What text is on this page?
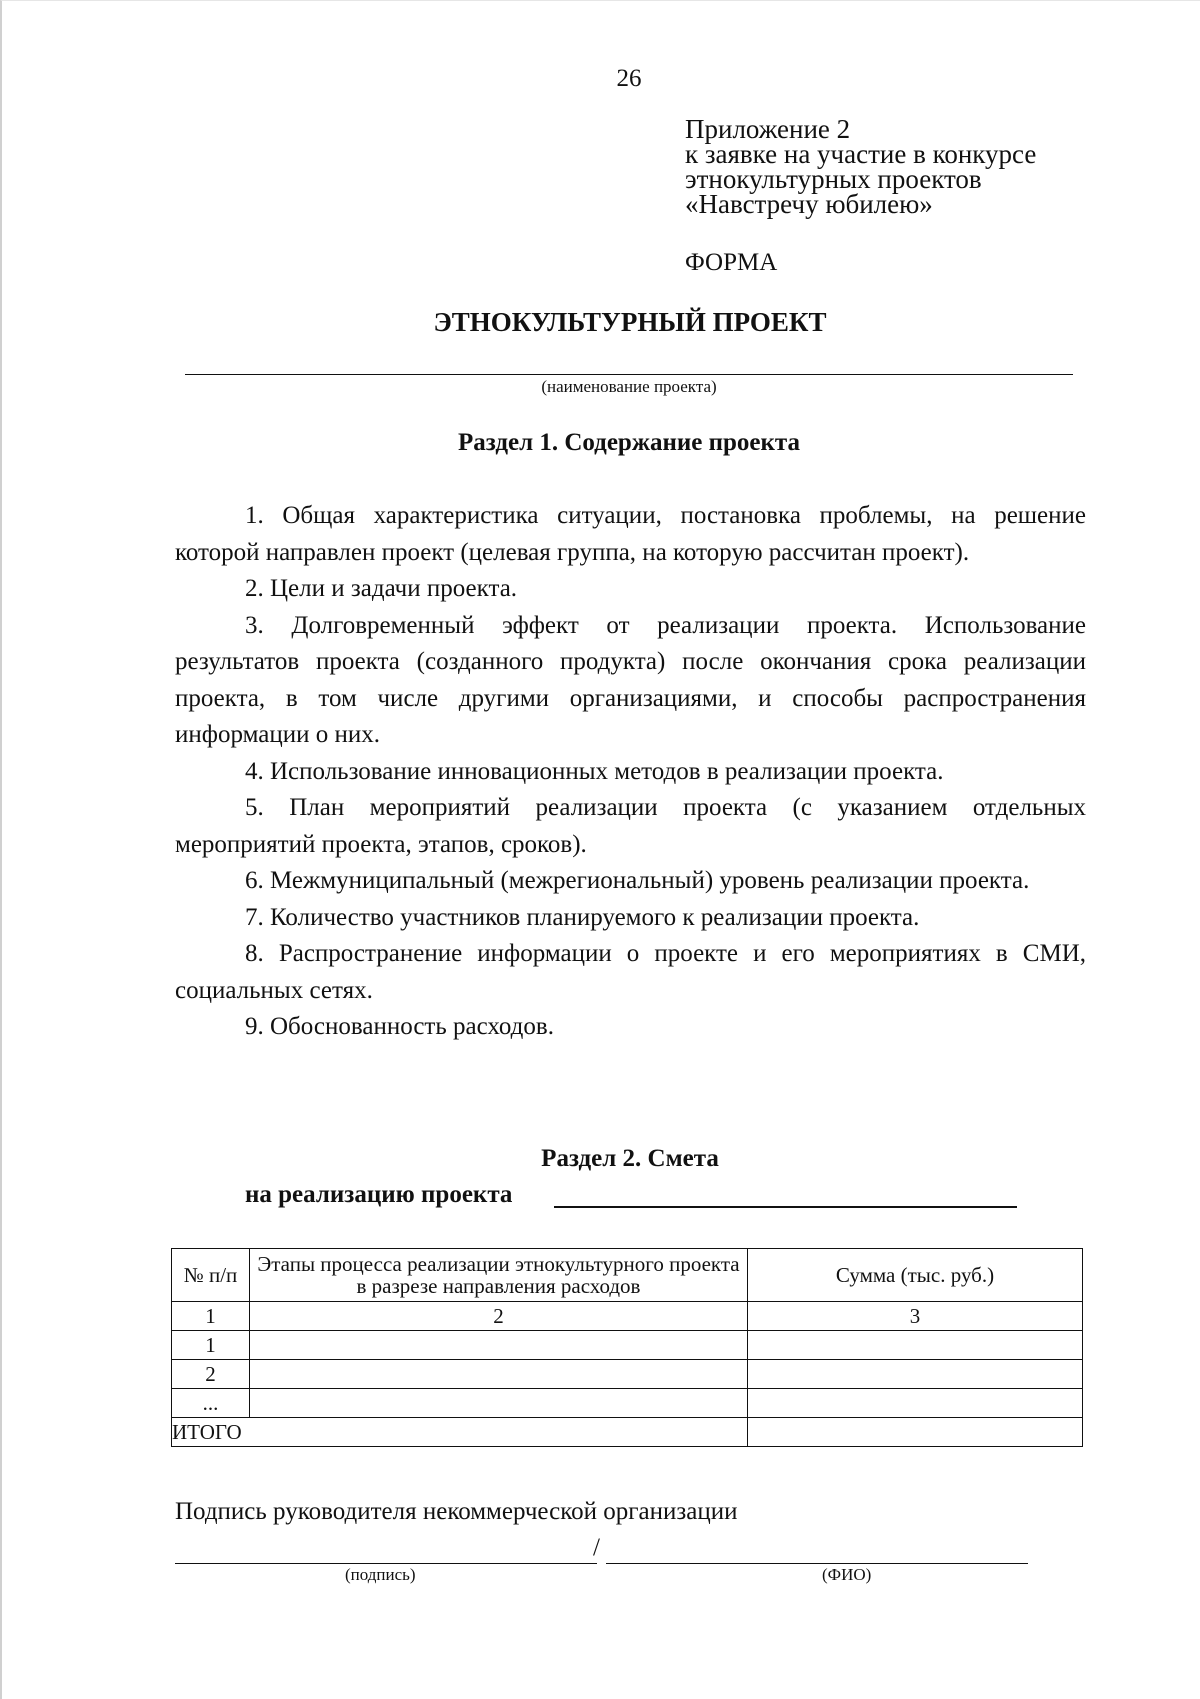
26
Приложение 2
к заявке на участие в конкурсе
этнокультурных проектов
«Навстречу юбилею»
ФОРМА
ЭТНОКУЛЬТУРНЫЙ ПРОЕКТ
(наименование проекта)
Раздел 1. Содержание проекта

1. Общая характеристика ситуации, постановка проблемы, на решение которой направлен проект (целевая группа, на которую рассчитан проект).

2. Цели и задачи проекта.

3. Долговременный эффект от реализации проекта. Использование результатов проекта (созданного продукта) после окончания срока реализации проекта, в том числе другими организациями, и способы распространения информации о них.

4. Использование инновационных методов в реализации проекта.

5. План мероприятий реализации проекта (с указанием отдельных мероприятий проекта, этапов, сроков).

6. Межмуниципальный (межрегиональный) уровень реализации проекта.

7. Количество участников планируемого к реализации проекта.

8. Распространение информации о проекте и его мероприятиях в СМИ, социальных сетях.

9. Обоснованность расходов.

Раздел 2. Смета
на реализацию проекта
№ п/п	Этапы процесса реализации этнокультурного проекта в разрезе направления расходов	Сумма (тыс. руб.)
1	2	3
1		
2		
...		
ИТОГО		
Подпись руководителя некоммерческой организации
/
(подпись)	(ФИО)
